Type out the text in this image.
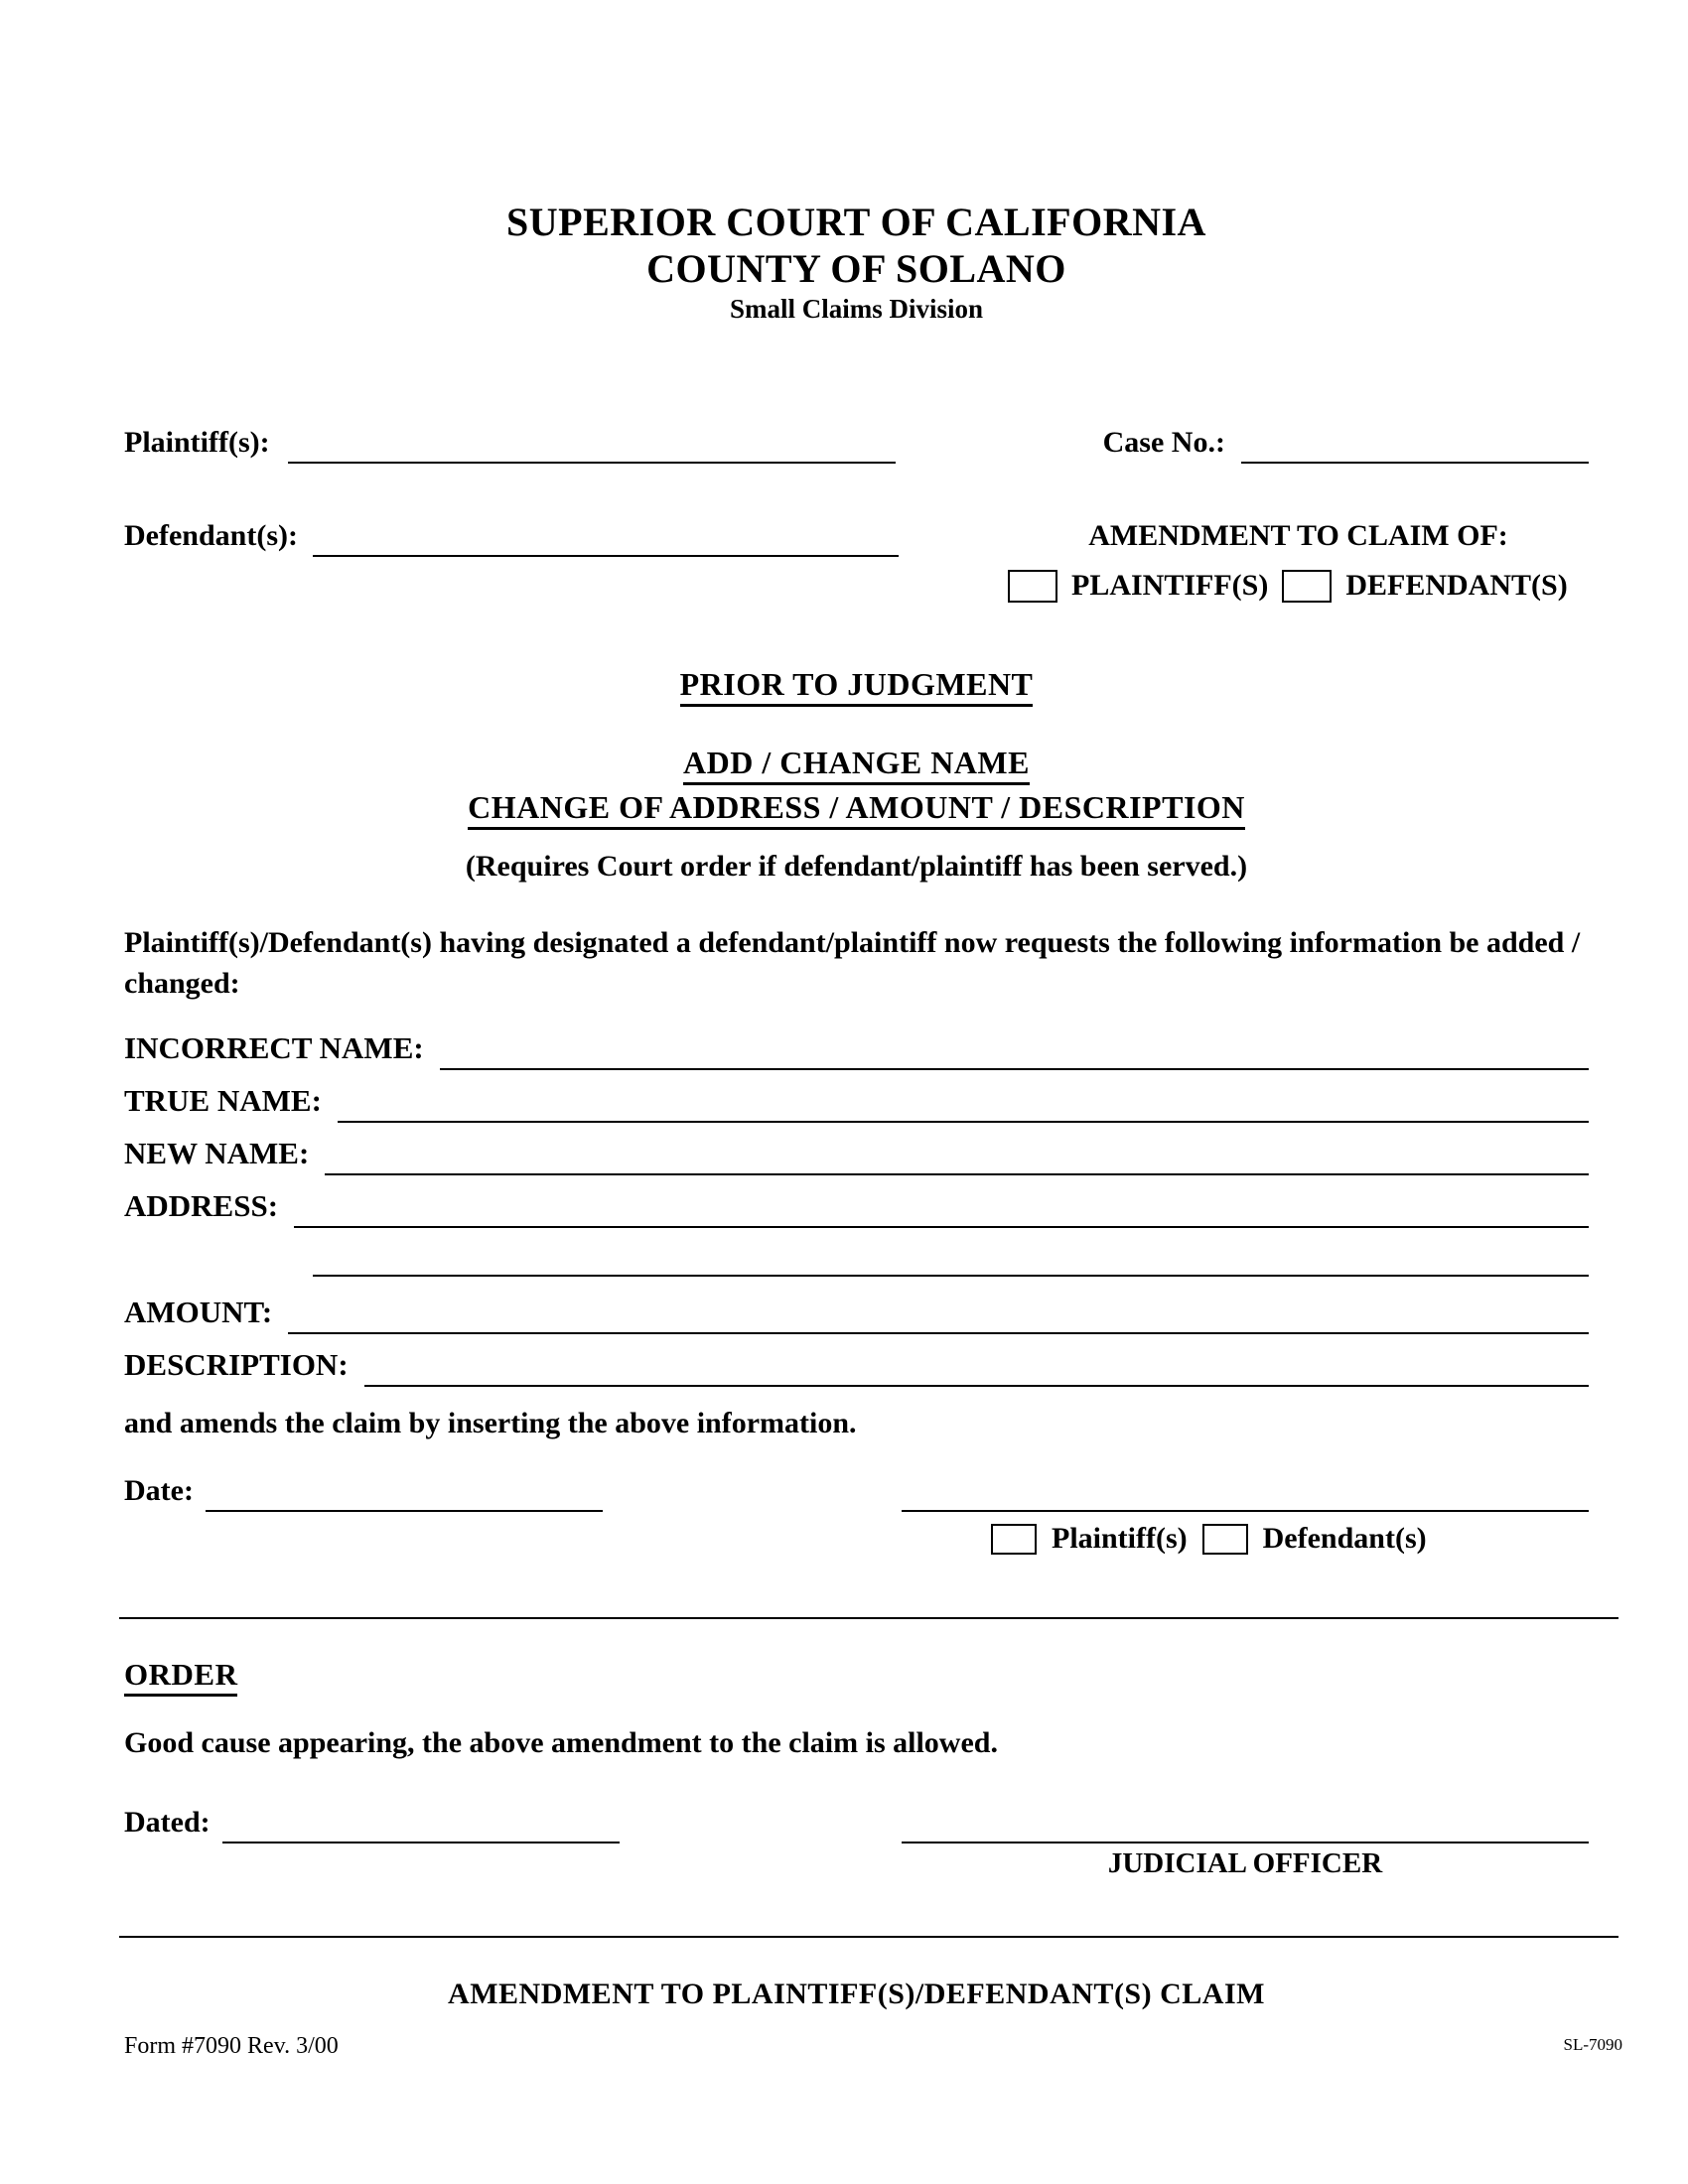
SUPERIOR COURT OF CALIFORNIA
COUNTY OF SOLANO
Small Claims Division
Plaintiff(s):	Case No.:
Defendant(s):	AMENDMENT TO CLAIM OF:
PLAINTIFF(S)	DEFENDANT(S)
PRIOR TO JUDGMENT
ADD / CHANGE NAME
CHANGE OF ADDRESS / AMOUNT / DESCRIPTION
(Requires Court order if defendant/plaintiff has been served.)
Plaintiff(s)/Defendant(s) having designated a defendant/plaintiff now requests the following information be added / changed:
INCORRECT NAME:
TRUE NAME:
NEW NAME:
ADDRESS:
AMOUNT:
DESCRIPTION:
and amends the claim by inserting the above information.
Date:
Plaintiff(s)	Defendant(s)
ORDER
Good cause appearing, the above amendment to the claim is allowed.
Dated:
JUDICIAL OFFICER
AMENDMENT TO PLAINTIFF(S)/DEFENDANT(S) CLAIM
SL-7090
Form #7090 Rev. 3/00
